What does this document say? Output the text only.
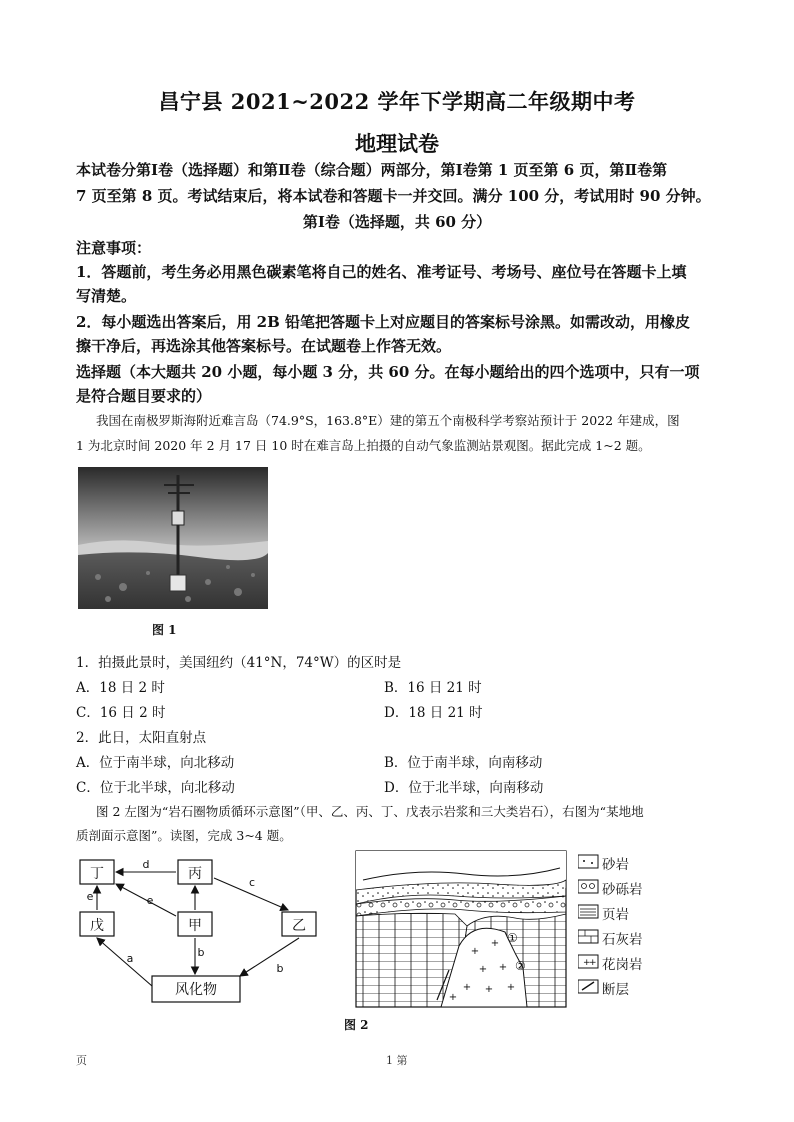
昌宁县 2021~2022 学年下学期高二年级期中考
地理试卷
本试卷分第Ⅰ卷（选择题）和第Ⅱ卷（综合题）两部分，第Ⅰ卷第 1 页至第 6 页，第Ⅱ卷第
7 页至第 8 页。考试结束后，将本试卷和答题卡一并交回。满分 100 分，考试用时 90 分钟。
第Ⅰ卷（选择题，共 60 分）
注意事项：
1．答题前，考生务必用黑色碳素笔将自己的姓名、准考证号、考场号、座位号在答题卡上填
写清楚。
2．每小题选出答案后，用 2B 铅笔把答题卡上对应题目的答案标号涂黑。如需改动，用橡皮
擦干净后，再选涂其他答案标号。在试题卷上作答无效。
选择题（本大题共 20 小题，每小题 3 分，共 60 分。在每小题给出的四个选项中，只有一项
是符合题目要求的）
我国在南极罗斯海附近难言岛（74.9°S，163.8°E）建的第五个南极科学考察站预计于 2022 年建成，图
1 为北京时间 2020 年 2 月 17 日 10 时在难言岛上拍摄的自动气象监测站景观图。据此完成 1~2 题。
图 1
1．拍摄此景时，美国纽约（41°N，74°W）的区时是
A．18 日 2 时	B．16 日 21 时
C．16 日 2 时	D．18 日 21 时
2．此日，太阳直射点
A．位于南半球，向北移动	B．位于南半球，向南移动
C．位于北半球，向北移动	D．位于北半球，向南移动
图 2 左图为“岩石圈物质循环示意图”（甲、乙、丙、丁、戊表示岩浆和三大类岩石），右图为“某地地
质剖面示意图”。读图，完成 3~4 题。
丁	丙
戊	甲	乙
风化物
d
e	e
c
b
b
a
+
+
+ +
+ + +
+
①
②	+
+
砂岩
砂砾岩
页岩
石灰岩
花岗岩
断层
图 2
页	1 第
